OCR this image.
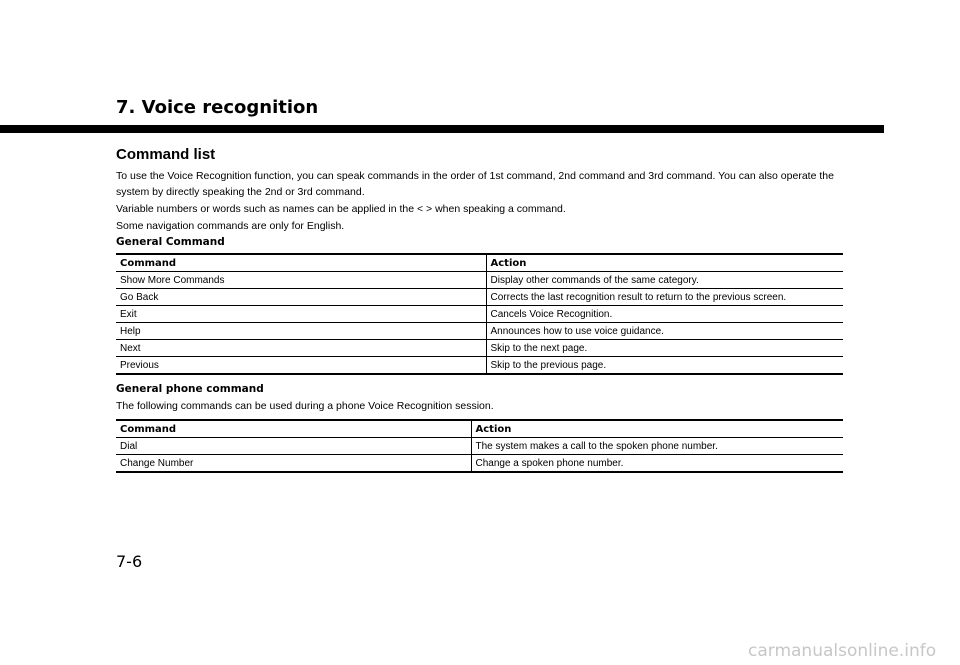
7. Voice recognition
Command list

To use the Voice Recognition function, you can speak commands in the order of 1st command, 2nd command and 3rd command. You can also operate the system by directly speaking the 2nd or 3rd command.

Variable numbers or words such as names can be applied in the < > when speaking a command.

Some navigation commands are only for English.

General Command
Command	Action
Show More Commands	Display other commands of the same category.
Go Back	Corrects the last recognition result to return to the previous screen.
Exit	Cancels Voice Recognition.
Help	Announces how to use voice guidance.
Next	Skip to the next page.
Previous	Skip to the previous page.
General phone command

The following commands can be used during a phone Voice Recognition session.

Command	Action
Dial	The system makes a call to the spoken phone number.
Change Number	Change a spoken phone number.
7-6
carmanualsonline.info
